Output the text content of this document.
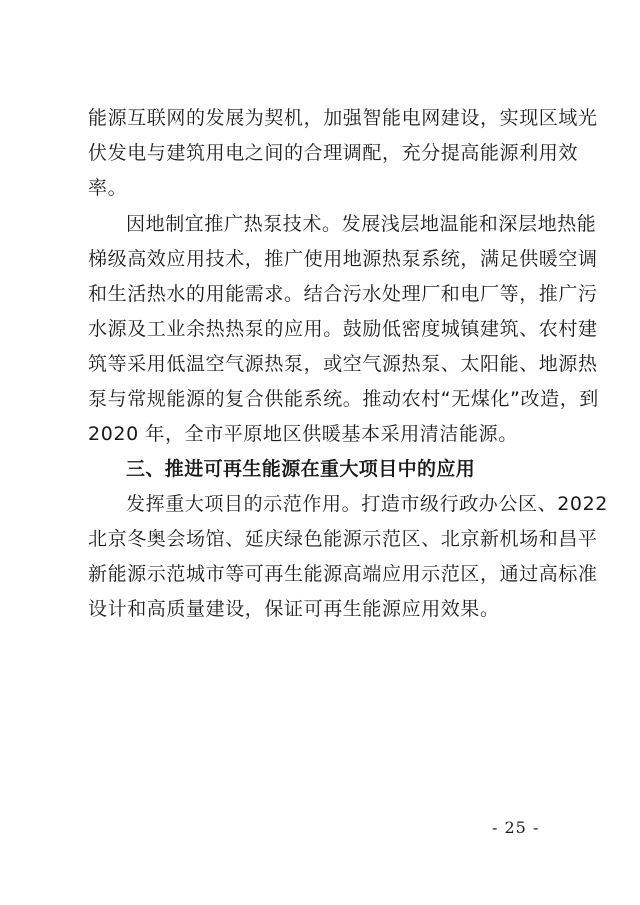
能源互联网的发展为契机，加强智能电网建设，实现区域光
伏发电与建筑用电之间的合理调配，充分提高能源利用效
率。
因地制宜推广热泵技术。发展浅层地温能和深层地热能
梯级高效应用技术，推广使用地源热泵系统，满足供暖空调
和生活热水的用能需求。结合污水处理厂和电厂等，推广污
水源及工业余热热泵的应用。鼓励低密度城镇建筑、农村建
筑等采用低温空气源热泵，或空气源热泵、太阳能、地源热
泵与常规能源的复合供能系统。推动农村“无煤化”改造，到
2020 年，全市平原地区供暖基本采用清洁能源。
三、推进可再生能源在重大项目中的应用
发挥重大项目的示范作用。打造市级行政办公区、2022
北京冬奥会场馆、延庆绿色能源示范区、北京新机场和昌平
新能源示范城市等可再生能源高端应用示范区，通过高标准
设计和高质量建设，保证可再生能源应用效果。
- 25 -
